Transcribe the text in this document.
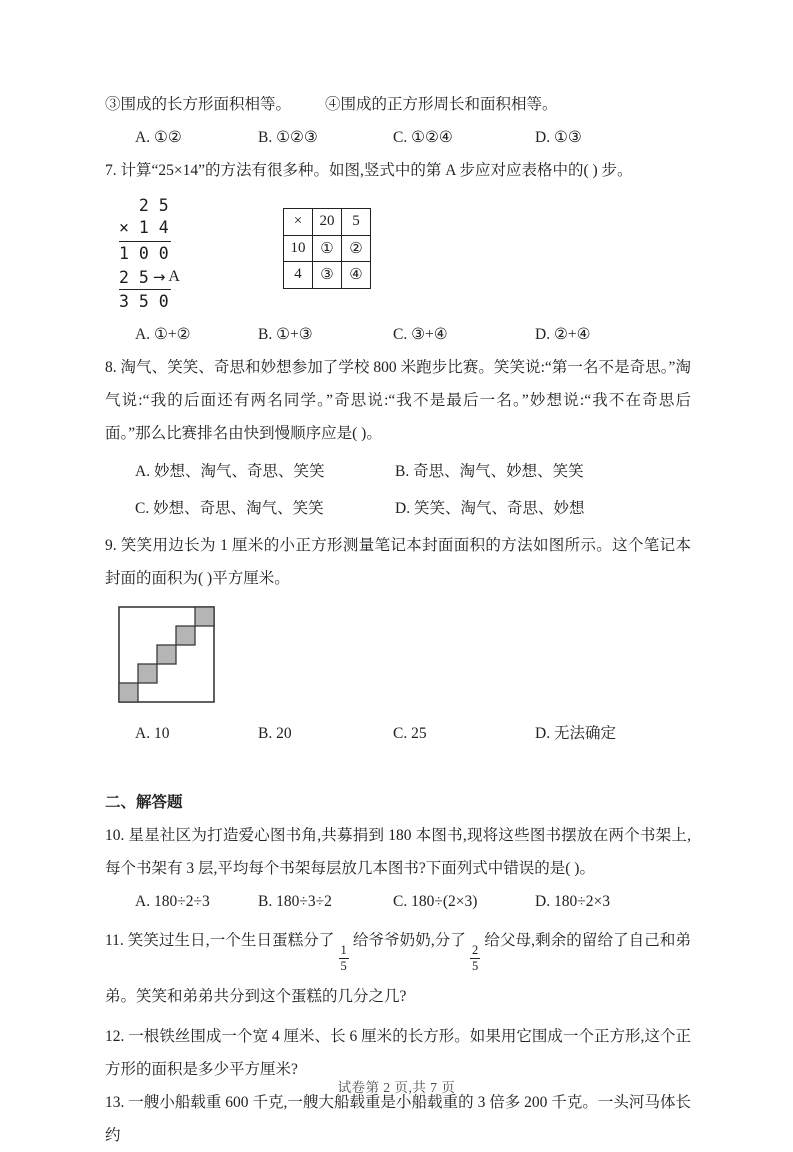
③围成的长方形面积相等。 ④围成的正方形周长和面积相等。

A. ①②	B. ①②③	C. ①②④	D. ①③

7. 计算“25×14”的方法有很多种。如图,竖式中的第 A 步应对应表格中的( ) 步。

2 5
× 1 4
1 0 0
2 5 → A
3 5 0
×	20	5
10	①	②
4	③	④
A. ①+②	B. ①+③	C. ③+④	D. ②+④

8. 淘气、笑笑、奇思和妙想参加了学校 800 米跑步比赛。笑笑说:“第一名不是奇思。”淘气说:“我的后面还有两名同学。”奇思说:“我不是最后一名。”妙想说:“我不在奇思后面。”那么比赛排名由快到慢顺序应是( )。

A. 妙想、淘气、奇思、笑笑	B. 奇思、淘气、妙想、笑笑
C. 妙想、奇思、淘气、笑笑	D. 笑笑、淘气、奇思、妙想

9. 笑笑用边长为 1 厘米的小正方形测量笔记本封面面积的方法如图所示。这个笔记本封面的面积为( )平方厘米。

A. 10	B. 20	C. 25	D. 无法确定
二、解答题

10. 星星社区为打造爱心图书角,共募捐到 180 本图书,现将这些图书摆放在两个书架上,每个书架有 3 层,平均每个书架每层放几本图书?下面列式中错误的是( )。

A. 180÷2÷3	B. 180÷3÷2	C. 180÷(2×3)	D. 180÷2×3

11. 笑笑过生日,一个生日蛋糕分了
$\frac{1}{5}$
给爷爷奶奶,分了
$\frac{2}{5}$
给父母,剩余的留给了自己和弟弟。笑笑和弟弟共分到这个蛋糕的几分之几?

12. 一根铁丝围成一个宽 4 厘米、长 6 厘米的长方形。如果用它围成一个正方形,这个正方形的面积是多少平方厘米?

13. 一艘小船载重 600 千克,一艘大船载重是小船载重的 3 倍多 200 千克。一头河马体长约

试卷第 2 页,共 7 页
